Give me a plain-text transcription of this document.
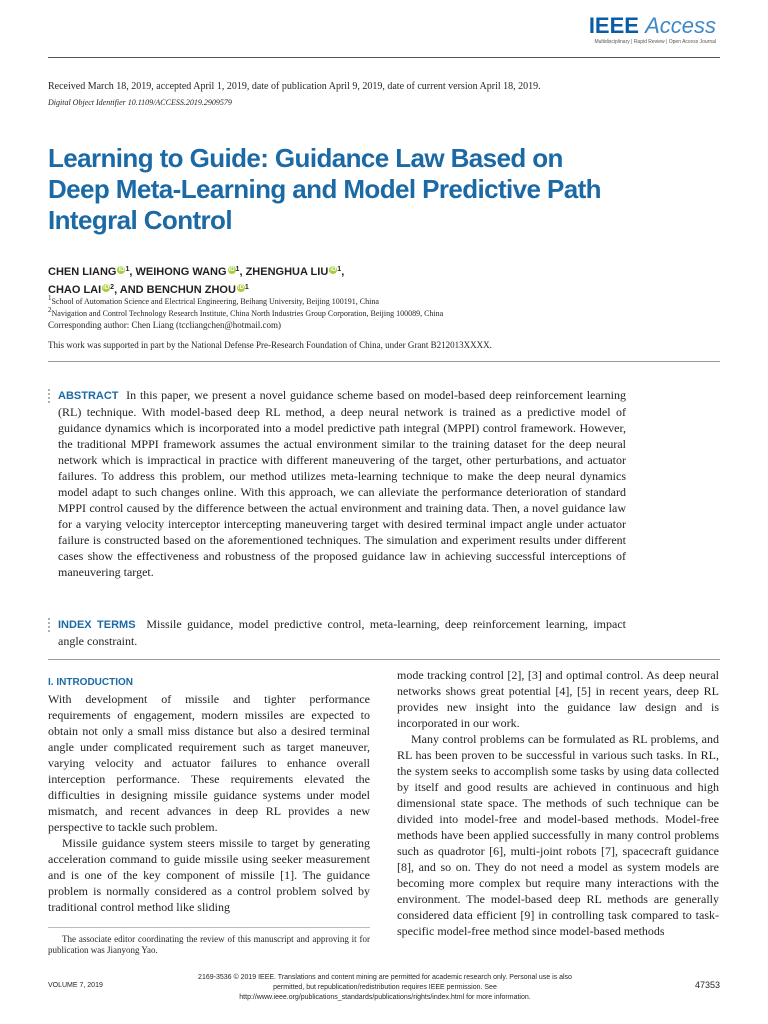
IEEE Access
Multidisciplinary | Rapid Review | Open Access Journal
Received March 18, 2019, accepted April 1, 2019, date of publication April 9, 2019, date of current version April 18, 2019.
Digital Object Identifier 10.1109/ACCESS.2019.2909579
Learning to Guide: Guidance Law Based on Deep Meta-Learning and Model Predictive Path Integral Control
CHEN LIANG $iD^1$, WEIHONG WANG $iD^1$, ZHENGHUA LIU $iD^1$,
CHAO LAI $iD^2$, AND BENCHUN ZHOU $iD^1$
1School of Automation Science and Electrical Engineering, Beihang University, Beijing 100191, China
2Navigation and Control Technology Research Institute, China North Industries Group Corporation, Beijing 100089, China
Corresponding author: Chen Liang (tccliangchen@hotmail.com)
This work was supported in part by the National Defense Pre-Research Foundation of China, under Grant B212013XXXX.
ABSTRACT In this paper, we present a novel guidance scheme based on model-based deep reinforcement learning (RL) technique. With model-based deep RL method, a deep neural network is trained as a predictive model of guidance dynamics which is incorporated into a model predictive path integral (MPPI) control framework. However, the traditional MPPI framework assumes the actual environment similar to the training dataset for the deep neural network which is impractical in practice with different maneuvering of the target, other perturbations, and actuator failures. To address this problem, our method utilizes meta-learning technique to make the deep neural dynamics model adapt to such changes online. With this approach, we can alleviate the performance deterioration of standard MPPI control caused by the difference between the actual environment and training data. Then, a novel guidance law for a varying velocity interceptor intercepting maneuvering target with desired terminal impact angle under actuator failure is constructed based on the aforementioned techniques. The simulation and experiment results under different cases show the effectiveness and robustness of the proposed guidance law in achieving successful interceptions of maneuvering target.
INDEX TERMS Missile guidance, model predictive control, meta-learning, deep reinforcement learning, impact angle constraint.
I. INTRODUCTION
With development of missile and tighter performance requirements of engagement, modern missiles are expected to obtain not only a small miss distance but also a desired terminal angle under complicated requirement such as target maneuver, varying velocity and actuator failures to enhance overall interception performance. These requirements elevated the difficulties in designing missile guidance systems under model mismatch, and recent advances in deep RL provides a new perspective to tackle such problem.
Missile guidance system steers missile to target by generating acceleration command to guide missile using seeker measurement and is one of the key component of missile [1]. The guidance problem is normally considered as a control problem solved by traditional control method like sliding
mode tracking control [2], [3] and optimal control. As deep neural networks shows great potential [4], [5] in recent years, deep RL provides new insight into the guidance law design and is incorporated in our work.
Many control problems can be formulated as RL problems, and RL has been proven to be successful in various such tasks. In RL, the system seeks to accomplish some tasks by using data collected by itself and good results are achieved in continuous and high dimensional state space. The methods of such technique can be divided into model-free and model-based methods. Model-free methods have been applied successfully in many control problems such as quadrotor [6], multi-joint robots [7], spacecraft guidance [8], and so on. They do not need a model as system models are becoming more complex but require many interactions with the environment. The model-based deep RL methods are generally considered data efficient [9] in controlling task compared to task-specific model-free method since model-based methods
The associate editor coordinating the review of this manuscript and approving it for publication was Jianyong Yao.
VOLUME 7, 2019
2169-3536 © 2019 IEEE. Translations and content mining are permitted for academic research only. Personal use is also permitted, but republication/redistribution requires IEEE permission. See http://www.ieee.org/publications_standards/publications/rights/index.html for more information.
47353
